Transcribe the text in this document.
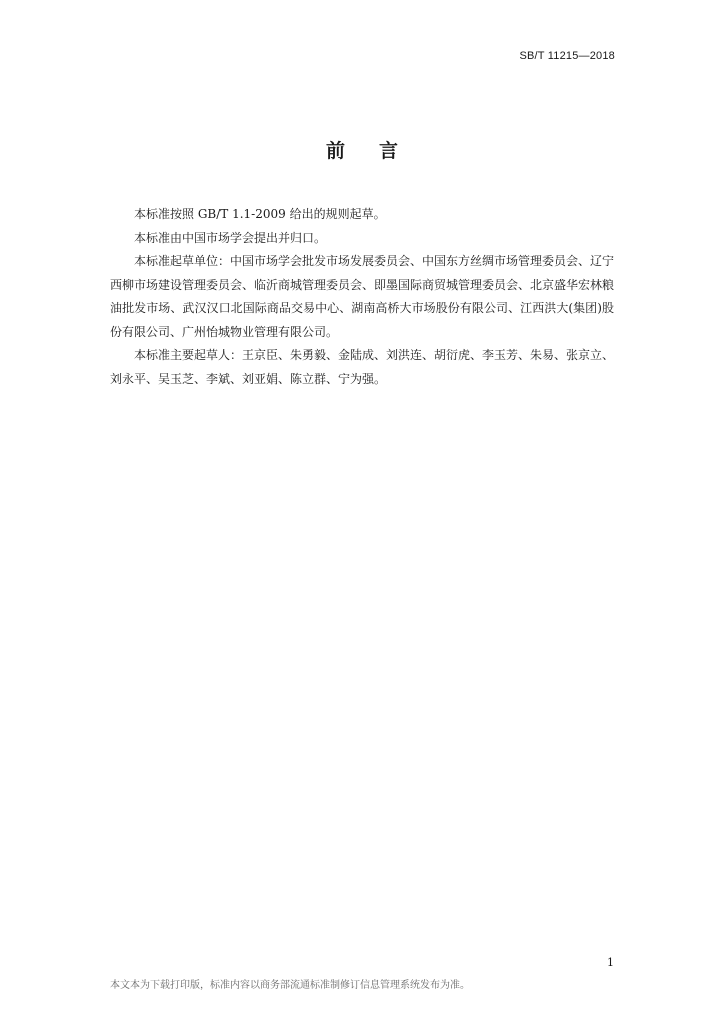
SB/T 11215—2018
前言

本标准按照 GB/T 1.1-2009 给出的规则起草。

本标准由中国市场学会提出并归口。

本标准起草单位：中国市场学会批发市场发展委员会、中国东方丝绸市场管理委员会、辽宁西柳市场建设管理委员会、临沂商城管理委员会、即墨国际商贸城管理委员会、北京盛华宏林粮油批发市场、武汉汉口北国际商品交易中心、湖南高桥大市场股份有限公司、江西洪大(集团)股份有限公司、广州怡城物业管理有限公司。

本标准主要起草人：王京臣、朱勇毅、金陆成、刘洪连、胡衍虎、李玉芳、朱易、张京立、刘永平、吴玉芝、李斌、刘亚娟、陈立群、宁为强。

1
本文本为下载打印版，标准内容以商务部流通标准制修订信息管理系统发布为准。
